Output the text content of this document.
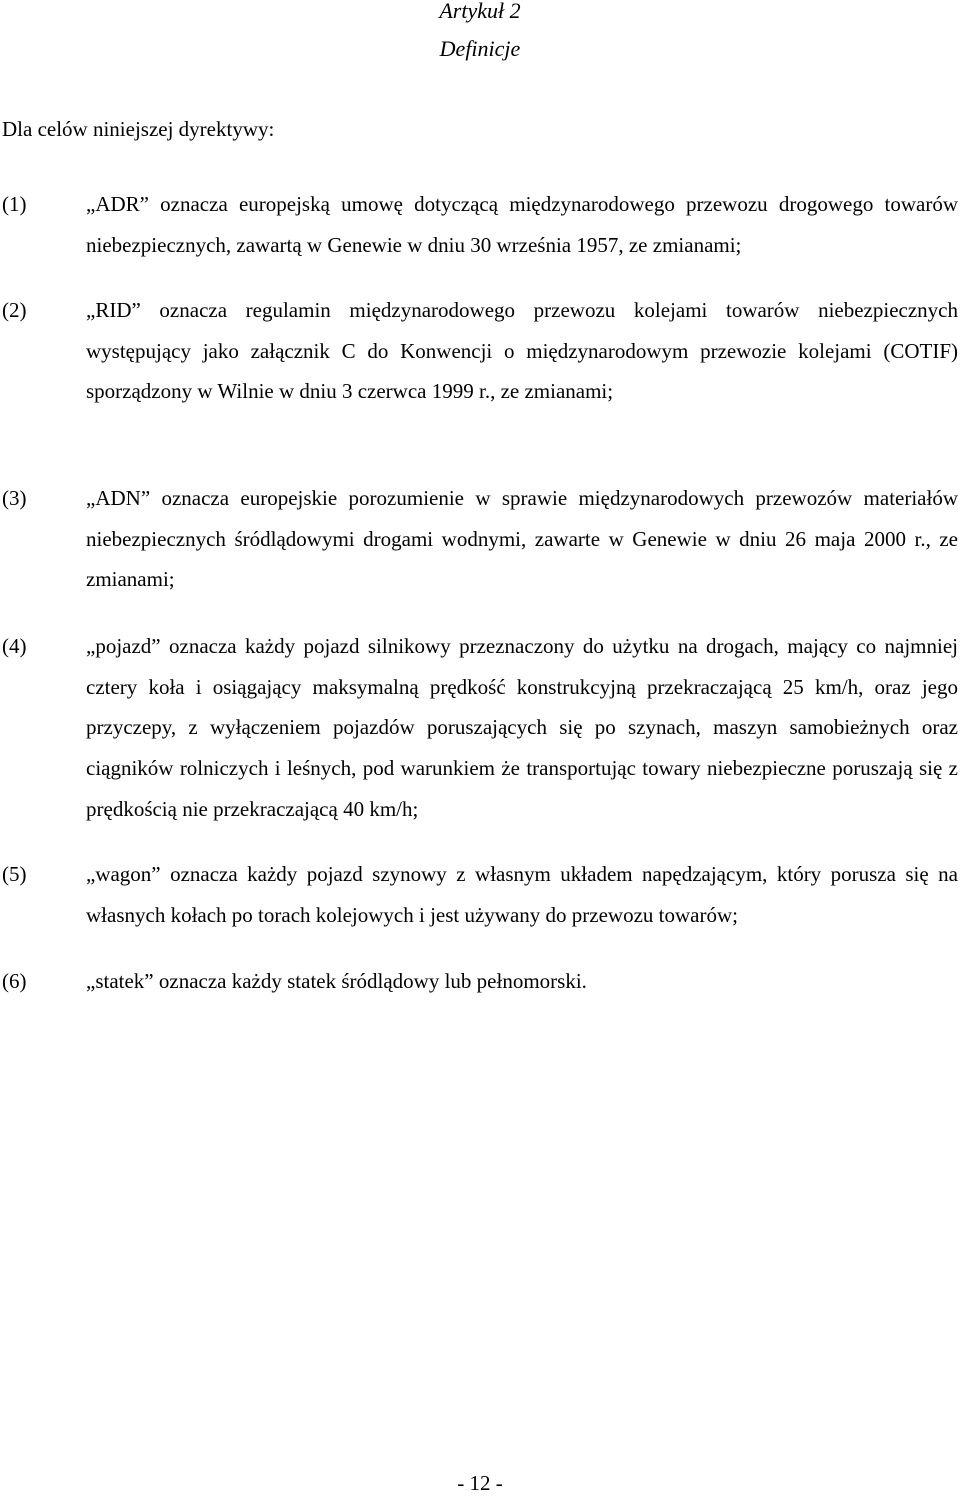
Artykuł 2
Definicje
Dla celów niniejszej dyrektywy:
(1)	„ADR” oznacza europejską umowę dotyczącą międzynarodowego przewozu drogowego towarów niebezpiecznych, zawartą w Genewie w dniu 30 września 1957, ze zmianami;
(2)	„RID” oznacza regulamin międzynarodowego przewozu kolejami towarów niebezpiecznych występujący jako załącznik C do Konwencji o międzynarodowym przewozie kolejami (COTIF) sporządzony w Wilnie w dniu 3 czerwca 1999 r., ze zmianami;
(3)	„ADN” oznacza europejskie porozumienie w sprawie międzynarodowych przewozów materiałów niebezpiecznych śródlądowymi drogami wodnymi, zawarte w Genewie w dniu 26 maja 2000 r., ze zmianami;
(4)	„pojazd” oznacza każdy pojazd silnikowy przeznaczony do użytku na drogach, mający co najmniej cztery koła i osiągający maksymalną prędkość konstrukcyjną przekraczającą 25 km/h, oraz jego przyczepy, z wyłączeniem pojazdów poruszających się po szynach, maszyn samobieżnych oraz ciągników rolniczych i leśnych, pod warunkiem że transportując towary niebezpieczne poruszają się z prędkością nie przekraczającą 40 km/h;
(5)	„wagon” oznacza każdy pojazd szynowy z własnym układem napędzającym, który porusza się na własnych kołach po torach kolejowych i jest używany do przewozu towarów;
(6)	„statek” oznacza każdy statek śródlądowy lub pełnomorski.
- 12 -
